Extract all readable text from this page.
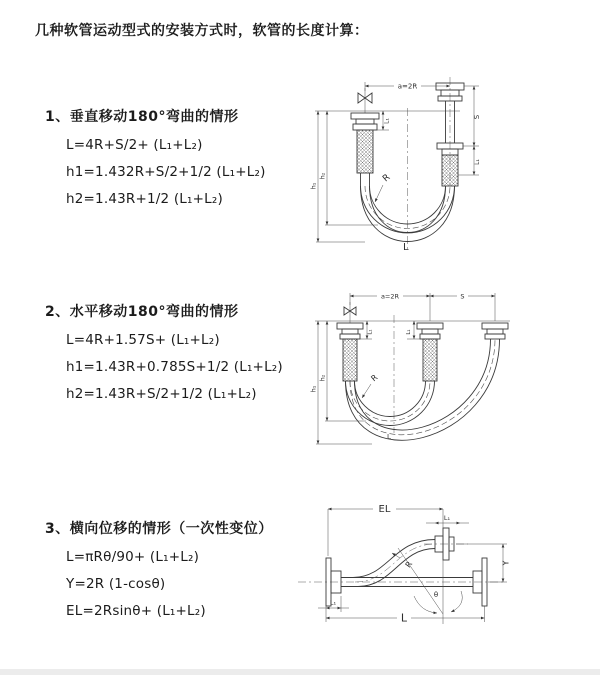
几种软管运动型式的安装方式时，软管的长度计算：
1、垂直移动180°弯曲的情形
L=4R+S/2+ (L₁+L₂)
h1=1.432R+S/2+1/2 (L₁+L₂)
h2=1.43R+1/2 (L₁+L₂)
2、水平移动180°弯曲的情形
L=4R+1.57S+ (L₁+L₂)
h1=1.43R+0.785S+1/2 (L₁+L₂)
h2=1.43R+S/2+1/2 (L₁+L₂)
3、横向位移的情形（一次性变位）
L=πRθ/90+ (L₁+L₂)
Y=2R (1-cosθ)
EL=2Rsinθ+ (L₁+L₂)
a=2R
h₁
h₂
L₁
S
L₁
R
L
a=2R	S
h₁
h₂
L₁	L₁
R
L
EL
L₁
Y
L₁
L
R
θ
